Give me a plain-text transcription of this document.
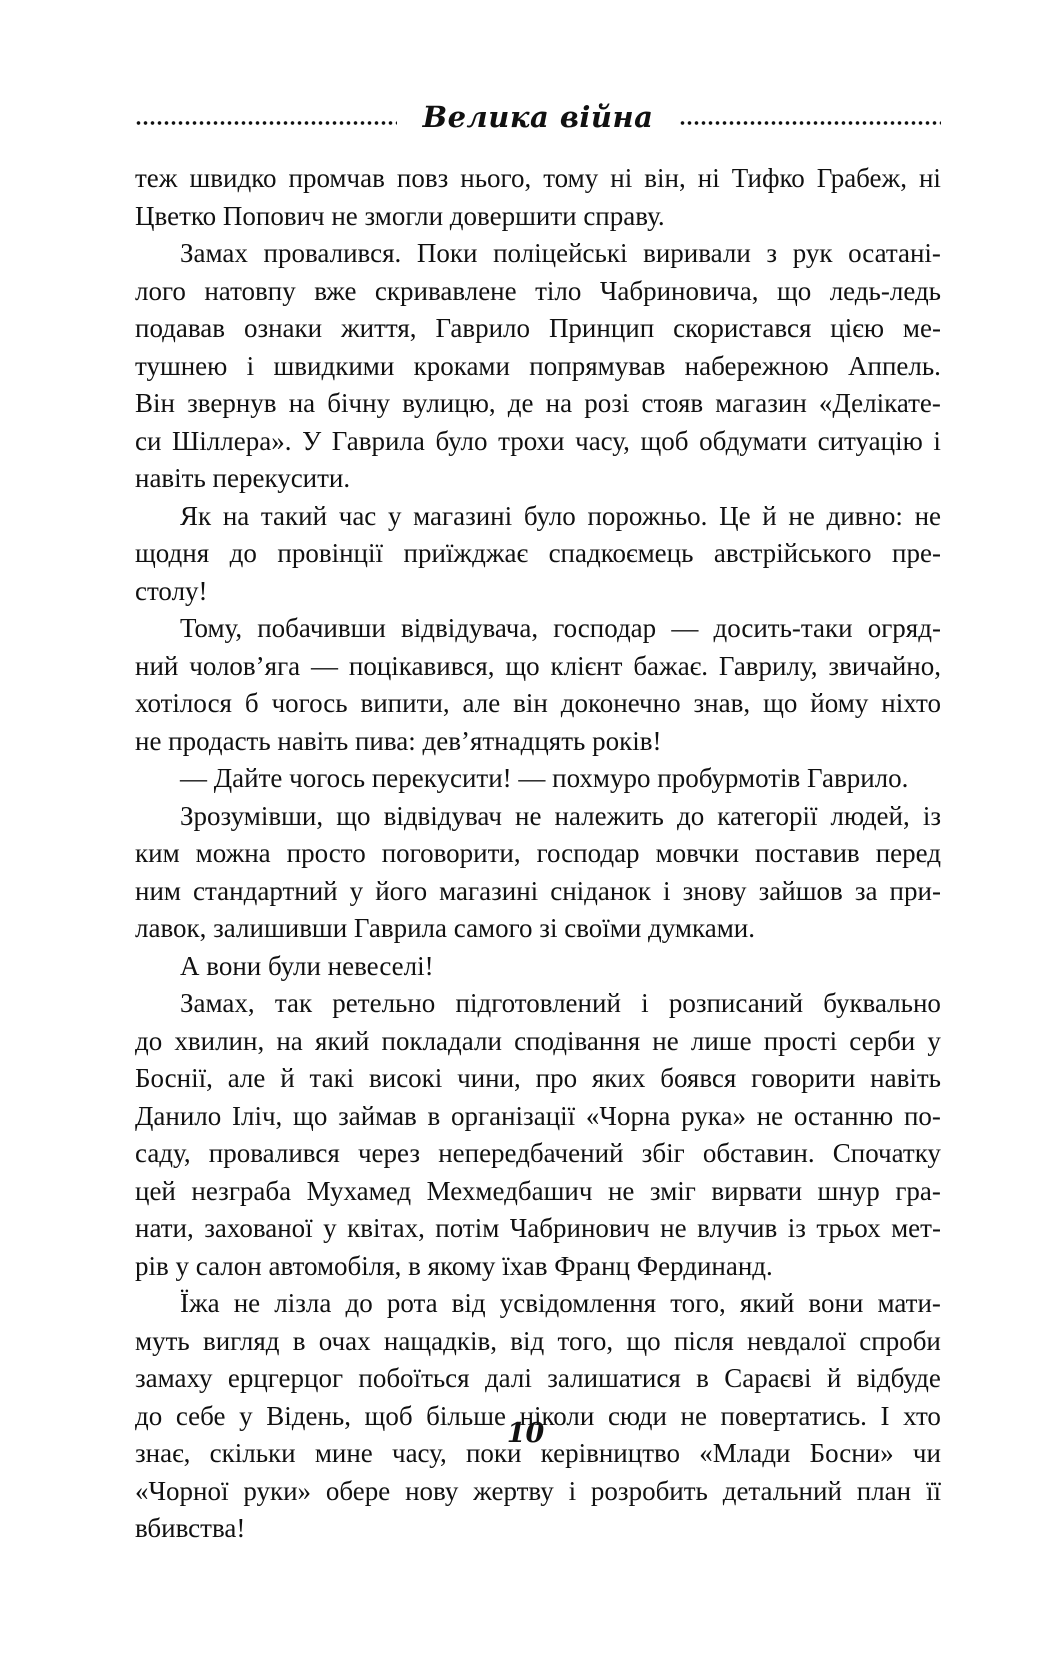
Велика війна
теж швидко промчав повз нього, тому ні він, ні Тифко Грабеж, ні
Цветко Попович не змогли довершити справу.
Замах провалився. Поки поліцейські виривали з рук осатані-
лого натовпу вже скривавлене тіло Чабриновича, що ледь-ледь
подавав ознаки життя, Гаврило Принцип скористався цією ме-
тушнею і швидкими кроками попрямував набережною Аппель.
Він звернув на бічну вулицю, де на розі стояв магазин «Делікате-
си Шіллера». У Гаврила було трохи часу, щоб обдумати ситуацію і
навіть перекусити.
Як на такий час у магазині було порожньо. Це й не дивно: не
щодня до провінції приїжджає спадкоємець австрійського пре-
столу!
Тому, побачивши відвідувача, господар — досить-таки огряд-
ний чолов’яга — поцікавився, що клієнт бажає. Гаврилу, звичайно,
хотілося б чогось випити, але він доконечно знав, що йому ніхто
не продасть навіть пива: дев’ятнадцять років!
— Дайте чогось перекусити! — похмуро пробурмотів Гаврило.
Зрозумівши, що відвідувач не належить до категорії людей, із
ким можна просто поговорити, господар мовчки поставив перед
ним стандартний у його магазині сніданок і знову зайшов за при-
лавок, залишивши Гаврила самого зі своїми думками.
А вони були невеселі!
Замах, так ретельно підготовлений і розписаний буквально
до хвилин, на який покладали сподівання не лише прості серби у
Боснії, але й такі високі чини, про яких боявся говорити навіть
Данило Іліч, що займав в організації «Чорна рука» не останню по-
саду, провалився через непередбачений збіг обставин. Спочатку
цей незграба Мухамед Мехмедбашич не зміг вирвати шнур гра-
нати, захованої у квітах, потім Чабринович не влучив із трьох мет-
рів у салон автомобіля, в якому їхав Франц Фердинанд.
Їжа не лізла до рота від усвідомлення того, який вони мати-
муть вигляд в очах нащадків, від того, що після невдалої спроби
замаху ерцгерцог побоїться далі залишатися в Сараєві й відбуде
до себе у Відень, щоб більше ніколи сюди не повертатись. І хто
знає, скільки мине часу, поки керівництво «Млади Босни» чи
«Чорної руки» обере нову жертву і розробить детальний план її
вбивства!
10
